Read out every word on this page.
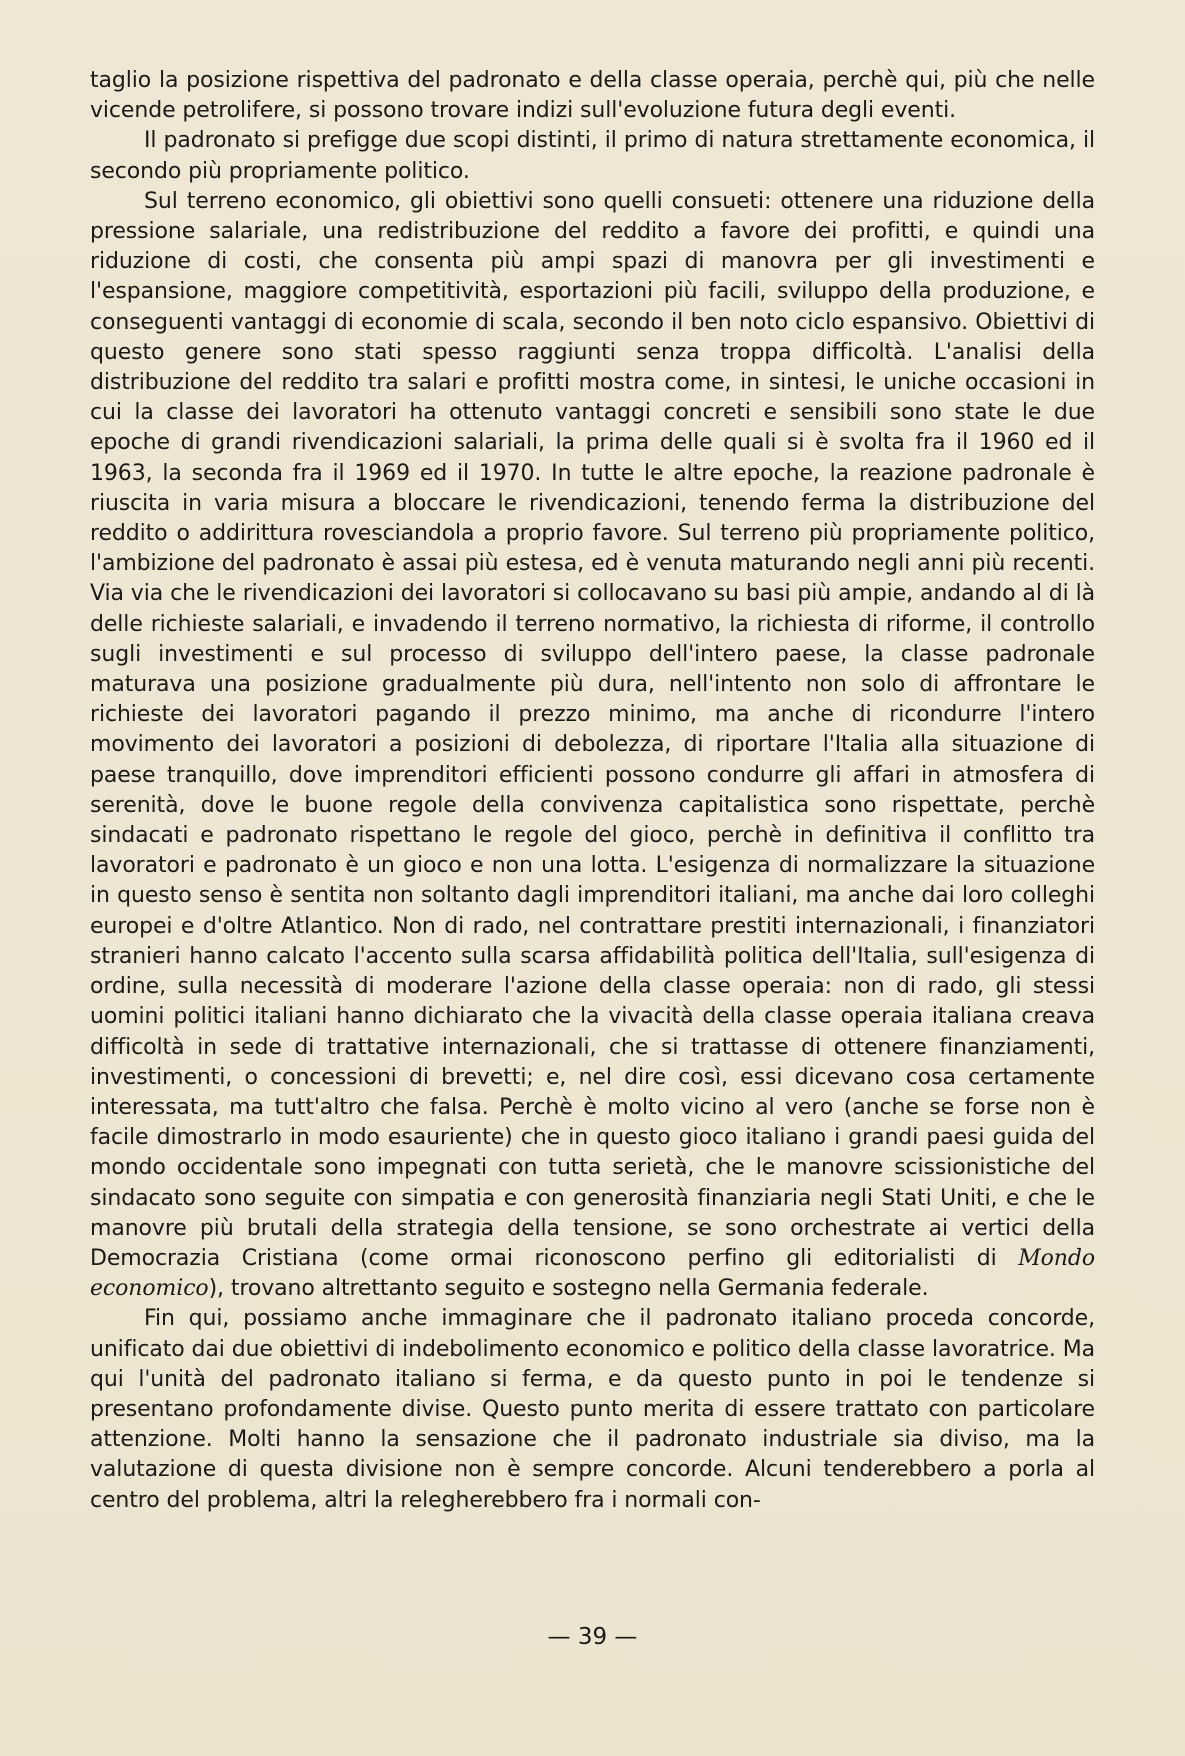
taglio la posizione rispettiva del padronato e della classe operaia, perchè qui, più che nelle vicende petrolifere, si possono trovare indizi sull'evoluzione futura degli eventi.

Il padronato si prefigge due scopi distinti, il primo di natura strettamente economica, il secondo più propriamente politico.

Sul terreno economico, gli obiettivi sono quelli consueti: ottenere una riduzione della pressione salariale, una redistribuzione del reddito a favore dei profitti, e quindi una riduzione di costi, che consenta più ampi spazi di manovra per gli investimenti e l'espansione, maggiore competitività, esportazioni più facili, sviluppo della produzione, e conseguenti vantaggi di economie di scala, secondo il ben noto ciclo espansivo. Obiettivi di questo genere sono stati spesso raggiunti senza troppa difficoltà. L'analisi della distribuzione del reddito tra salari e profitti mostra come, in sintesi, le uniche occasioni in cui la classe dei lavoratori ha ottenuto vantaggi concreti e sensibili sono state le due epoche di grandi rivendicazioni salariali, la prima delle quali si è svolta fra il 1960 ed il 1963, la seconda fra il 1969 ed il 1970. In tutte le altre epoche, la reazione padronale è riuscita in varia misura a bloccare le rivendicazioni, tenendo ferma la distribuzione del reddito o addirittura rovesciandola a proprio favore. Sul terreno più propriamente politico, l'ambizione del padronato è assai più estesa, ed è venuta maturando negli anni più recenti. Via via che le rivendicazioni dei lavoratori si collocavano su basi più ampie, andando al di là delle richieste salariali, e invadendo il terreno normativo, la richiesta di riforme, il controllo sugli investimenti e sul processo di sviluppo dell'intero paese, la classe padronale maturava una posizione gradualmente più dura, nell'intento non solo di affrontare le richieste dei lavoratori pagando il prezzo minimo, ma anche di ricondurre l'intero movimento dei lavoratori a posizioni di debolezza, di riportare l'Italia alla situazione di paese tranquillo, dove imprenditori efficienti possono condurre gli affari in atmosfera di serenità, dove le buone regole della convivenza capitalistica sono rispettate, perchè sindacati e padronato rispettano le regole del gioco, perchè in definitiva il conflitto tra lavoratori e padronato è un gioco e non una lotta. L'esigenza di normalizzare la situazione in questo senso è sentita non soltanto dagli imprenditori italiani, ma anche dai loro colleghi europei e d'oltre Atlantico. Non di rado, nel contrattare prestiti internazionali, i finanziatori stranieri hanno calcato l'accento sulla scarsa affidabilità politica dell'Italia, sull'esigenza di ordine, sulla necessità di moderare l'azione della classe operaia: non di rado, gli stessi uomini politici italiani hanno dichiarato che la vivacità della classe operaia italiana creava difficoltà in sede di trattative internazionali, che si trattasse di ottenere finanziamenti, investimenti, o concessioni di brevetti; e, nel dire così, essi dicevano cosa certamente interessata, ma tutt'altro che falsa. Perchè è molto vicino al vero (anche se forse non è facile dimostrarlo in modo esauriente) che in questo gioco italiano i grandi paesi guida del mondo occidentale sono impegnati con tutta serietà, che le manovre scissionistiche del sindacato sono seguite con simpatia e con generosità finanziaria negli Stati Uniti, e che le manovre più brutali della strategia della tensione, se sono orchestrate ai vertici della Democrazia Cristiana (come ormai riconoscono perfino gli editorialisti di Mondo economico), trovano altrettanto seguito e sostegno nella Germania federale.

Fin qui, possiamo anche immaginare che il padronato italiano proceda concorde, unificato dai due obiettivi di indebolimento economico e politico della classe lavoratrice. Ma qui l'unità del padronato italiano si ferma, e da questo punto in poi le tendenze si presentano profondamente divise. Questo punto merita di essere trattato con particolare attenzione. Molti hanno la sensazione che il padronato industriale sia diviso, ma la valutazione di questa divisione non è sempre concorde. Alcuni tenderebbero a porla al centro del problema, altri la relegherebbero fra i normali con-

— 39 —
